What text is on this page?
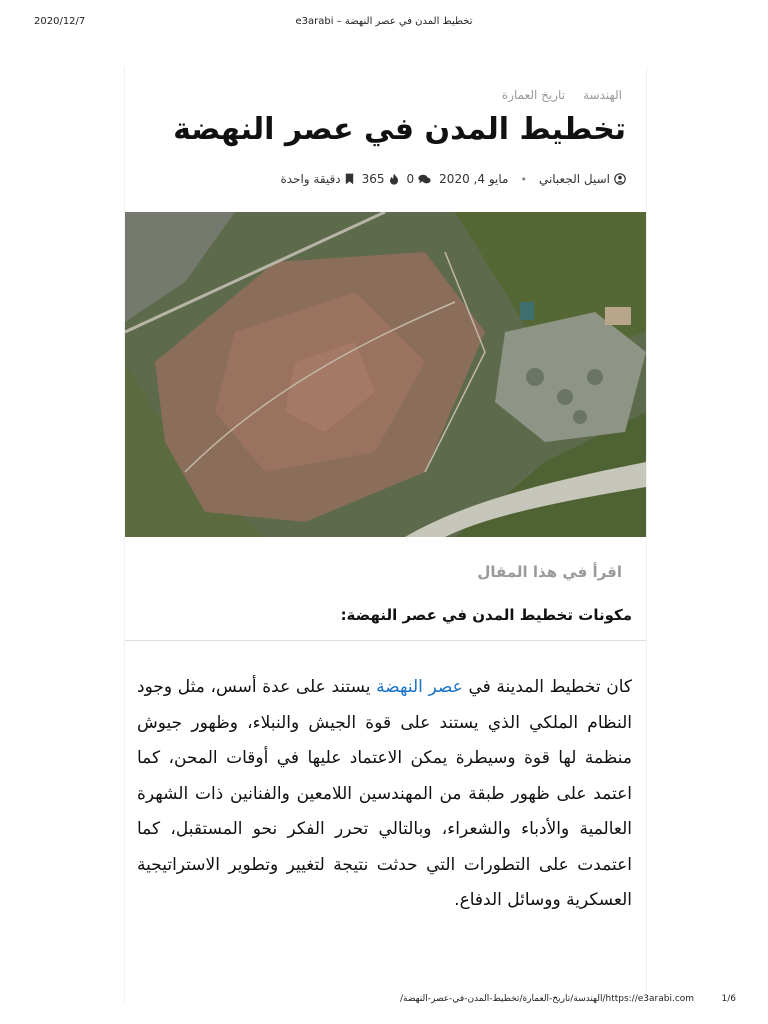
2020/12/7	تخطيط المدن في عصر النهضة – e3arabi
الهندسة
تاريخ العمارة
تخطيط المدن في عصر النهضة
اسيل الجعباني
•
مايو 4, 2020
0
365
دقيقة واحدة
اقرأ في هذا المقال
مكونات تخطيط المدن في عصر النهضة:

كان تخطيط المدينة في عصر النهضة يستند على عدة أسس، مثل وجود النظام الملكي الذي يستند على قوة الجيش والنبلاء، وظهور جيوش منظمة لها قوة وسيطرة يمكن الاعتماد عليها في أوقات المحن، كما اعتمد على ظهور طبقة من المهندسين اللامعين والفنانين ذات الشهرة العالمية والأدباء والشعراء، وبالتالي تحرر الفكر نحو المستقبل، كما اعتمدت على التطورات التي حدثت نتيجة لتغيير وتطوير الاستراتيجية العسكرية ووسائل الدفاع.

https://e3arabi.com/الهندسة/تاريخ-العمارة/تخطيط-المدن-في-عصر-النهضة/	1/6
